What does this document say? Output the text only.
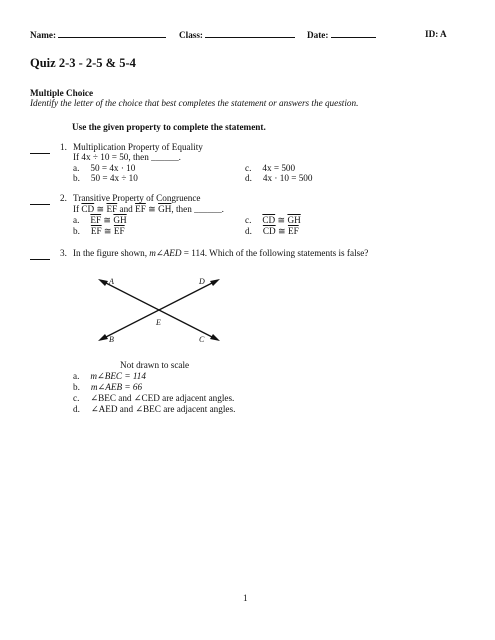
Name:	Class:	Date:	ID: A
Quiz 2-3 - 2-5 & 5-4
Multiple Choice
Identify the letter of the choice that best completes the statement or answers the question.
Use the given property to complete the statement.
1. Multiplication Property of Equality
If 4x ÷ 10 = 50, then ______.
a. 50 = 4x · 10
b. 50 = 4x ÷ 10
c. 4x = 500
d. 4x · 10 = 500
2. Transitive Property of Congruence
If $\overline{CD}$ ≅ $\overline{EF}$ and $\overline{EF}$ ≅ $\overline{GH}$, then ______.
a. $\overline{EF}$ ≅ $\overline{GH}$
b. $\overline{EF}$ ≅ $\overline{EF}$
c. $\overline{CD}$ ≅ $\overline{GH}$
d. $\overline{CD}$ ≅ $\overline{EF}$
3. In the figure shown, m∠AED = 114. Which of the following statements is false?
A	D
B	C
E
Not drawn to scale
a. m∠BEC = 114
b. m∠AEB = 66
c. ∠BEC and ∠CED are adjacent angles.
d. ∠AED and ∠BEC are adjacent angles.
1
